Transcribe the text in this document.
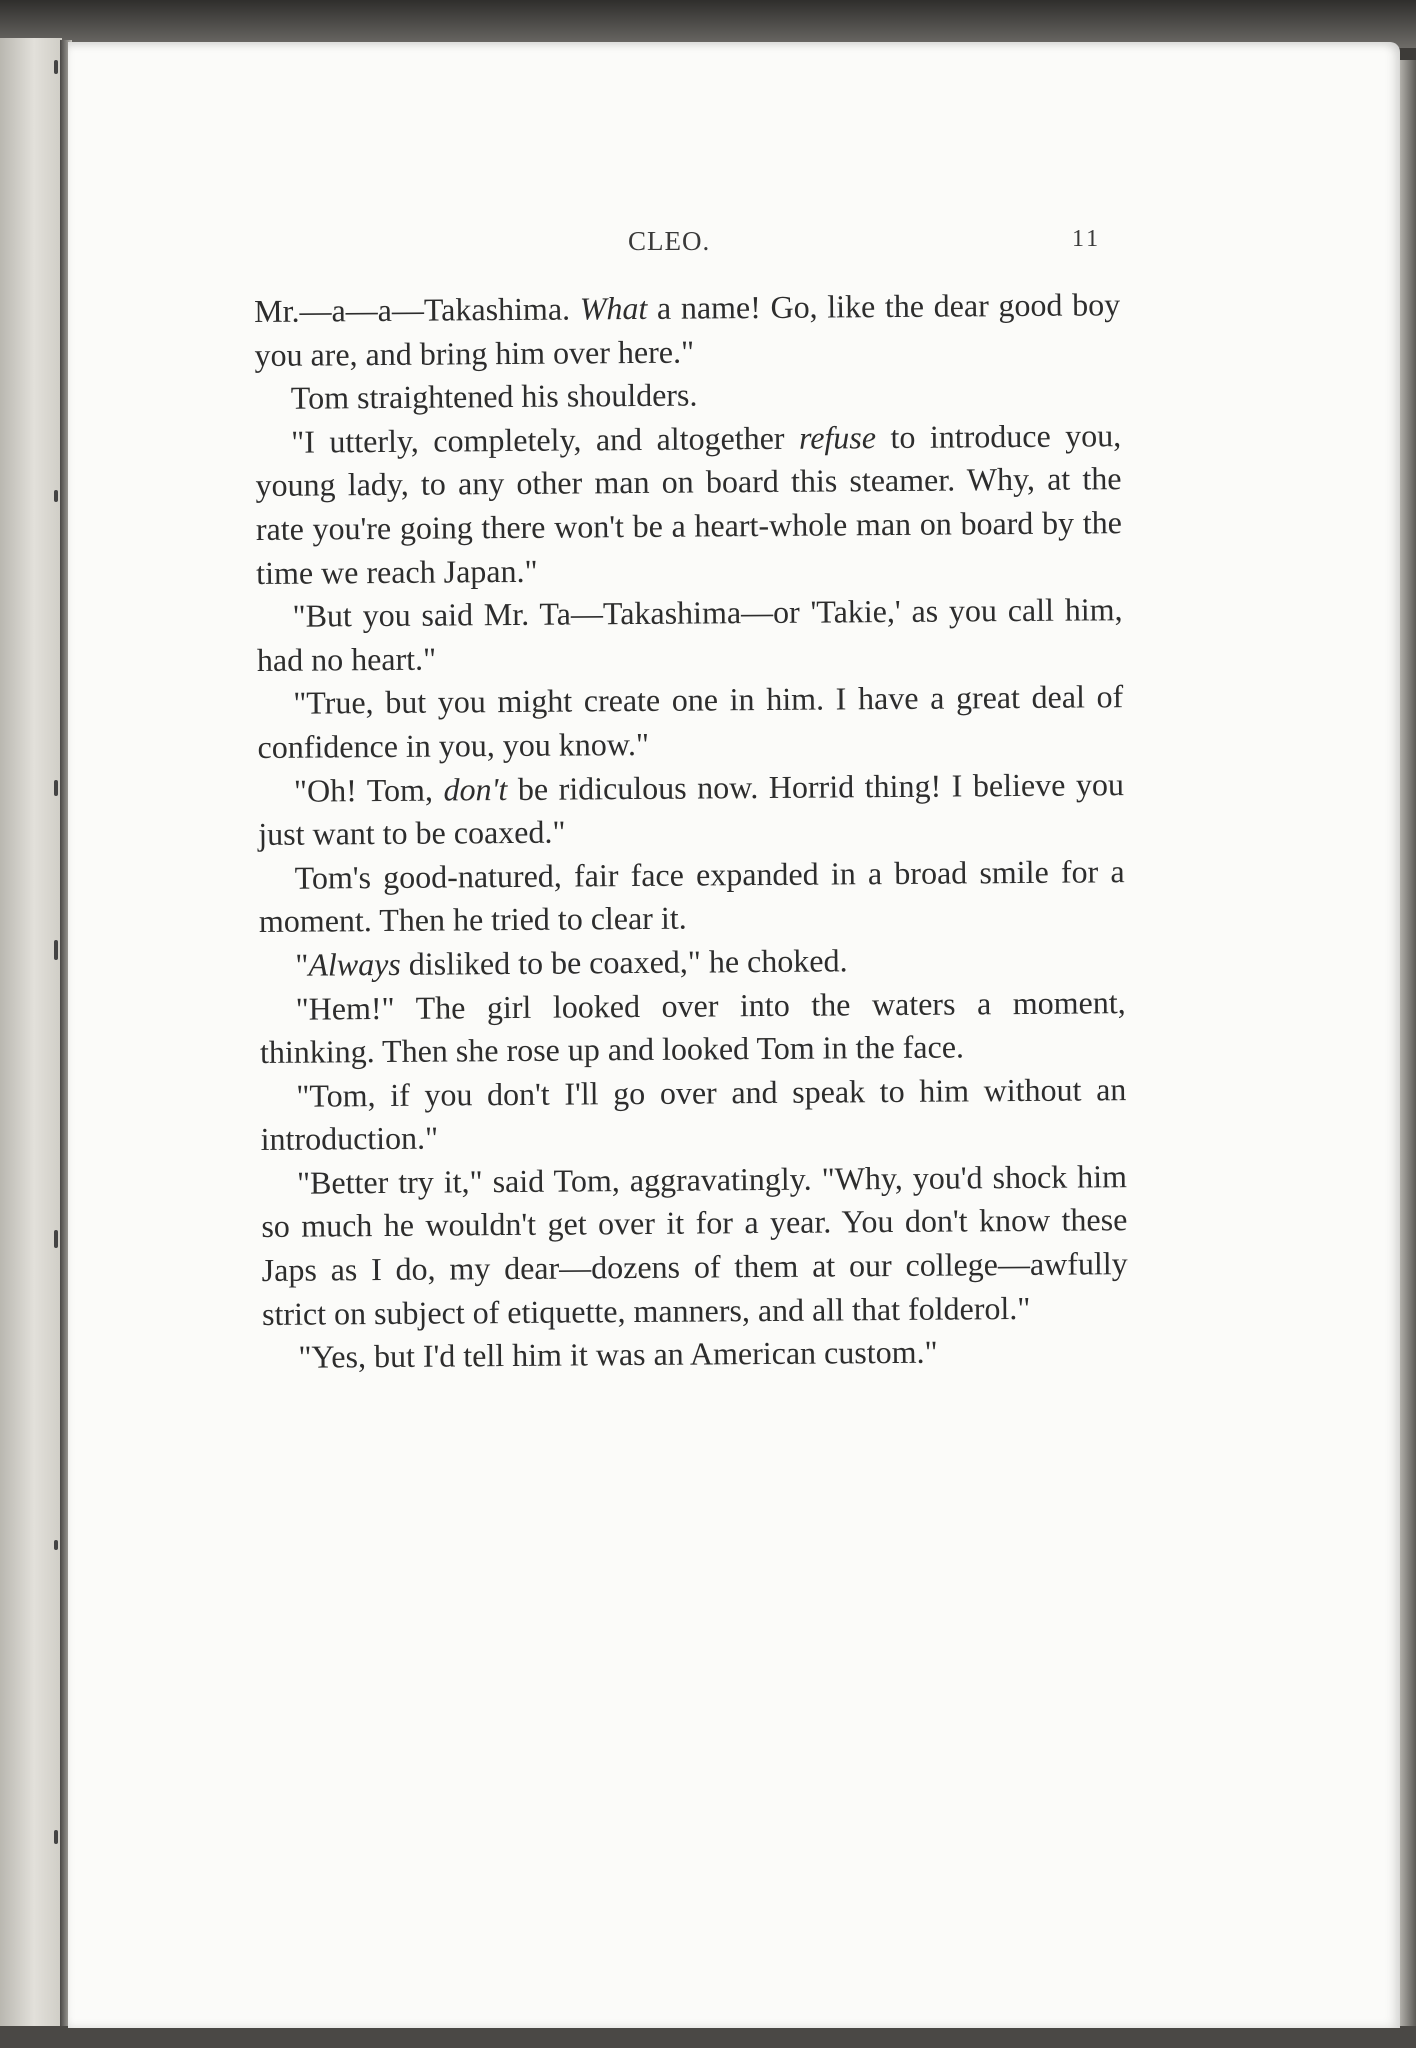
CLEO.	11

Mr.—a—a—Takashima. What a name! Go, like the dear good boy you are, and bring him over here."

Tom straightened his shoulders.

"I utterly, completely, and altogether refuse to introduce you, young lady, to any other man on board this steamer. Why, at the rate you're going there won't be a heart-whole man on board by the time we reach Japan."

"But you said Mr. Ta—Takashima—or 'Takie,' as you call him, had no heart."

"True, but you might create one in him. I have a great deal of confidence in you, you know."

"Oh! Tom, don't be ridiculous now. Horrid thing! I believe you just want to be coaxed."

Tom's good-natured, fair face expanded in a broad smile for a moment. Then he tried to clear it.

"Always disliked to be coaxed," he choked.

"Hem!" The girl looked over into the waters a moment, thinking. Then she rose up and looked Tom in the face.

"Tom, if you don't I'll go over and speak to him without an introduction."

"Better try it," said Tom, aggravatingly. "Why, you'd shock him so much he wouldn't get over it for a year. You don't know these Japs as I do, my dear—dozens of them at our college—awfully strict on subject of etiquette, manners, and all that folderol."

"Yes, but I'd tell him it was an American custom."
